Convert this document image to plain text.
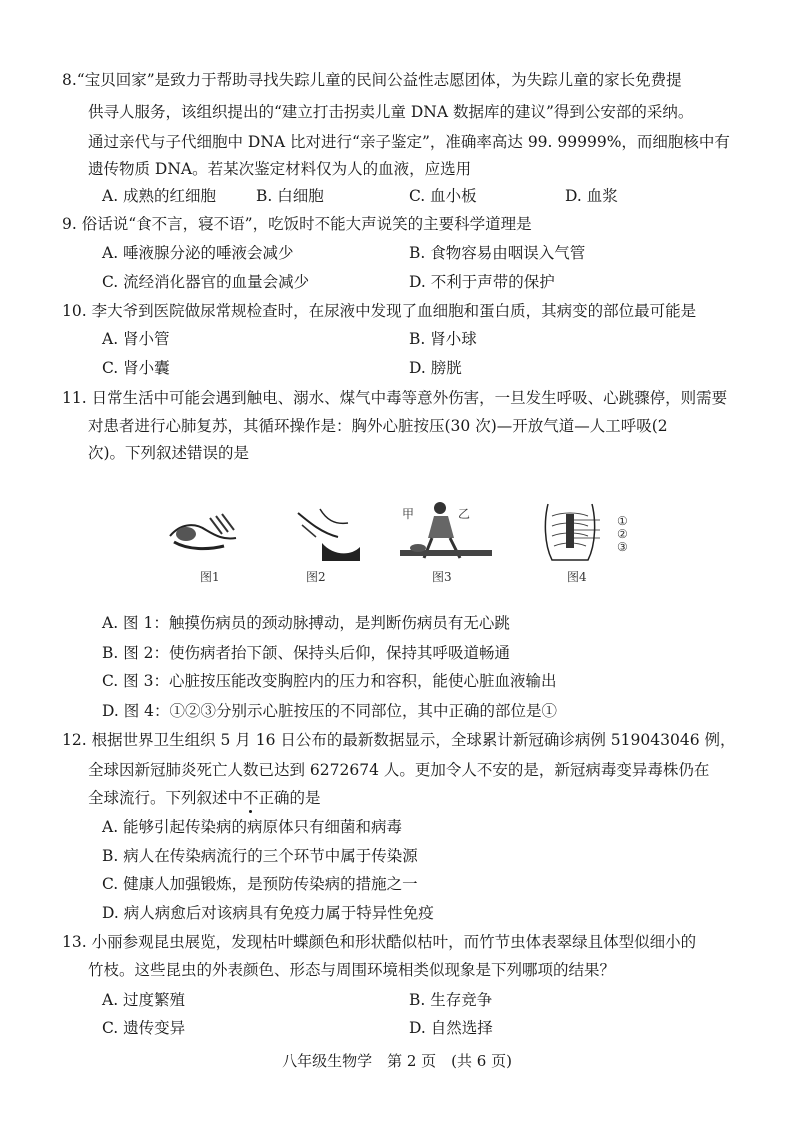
8.“宝贝回家”是致力于帮助寻找失踪儿童的民间公益性志愿团体，为失踪儿童的家长免费提
供寻人服务，该组织提出的“建立打击拐卖儿童 DNA 数据库的建议”得到公安部的采纳。
通过亲代与子代细胞中 DNA 比对进行“亲子鉴定”，准确率高达 99. 99999%，而细胞核中有
遗传物质 DNA。若某次鉴定材料仅为人的血液，应选用
A. 成熟的红细胞	B. 白细胞	C. 血小板	D. 血浆
9. 俗话说“食不言，寝不语”，吃饭时不能大声说笑的主要科学道理是
A. 唾液腺分泌的唾液会减少	B. 食物容易由咽误入气管
C. 流经消化器官的血量会减少	D. 不利于声带的保护
10. 李大爷到医院做尿常规检查时，在尿液中发现了血细胞和蛋白质，其病变的部位最可能是
A. 肾小管	B. 肾小球
C. 肾小囊	D. 膀胱
11. 日常生活中可能会遇到触电、溺水、煤气中毒等意外伤害，一旦发生呼吸、心跳骤停，则需要
对患者进行心肺复苏，其循环操作是：胸外心脏按压(30 次)—开放气道—人工呼吸(2
次)。下列叙述错误的是
甲	乙	①
②
③
图1	图2	图3	图4
A. 图 1：触摸伤病员的颈动脉搏动，是判断伤病员有无心跳
B. 图 2：使伤病者抬下颌、保持头后仰，保持其呼吸道畅通
C. 图 3：心脏按压能改变胸腔内的压力和容积，能使心脏血液输出
D. 图 4：①②③分别示心脏按压的不同部位，其中正确的部位是①
12. 根据世界卫生组织 5 月 16 日公布的最新数据显示，全球累计新冠确诊病例 519043046 例，
全球因新冠肺炎死亡人数已达到 6272674 人。更加令人不安的是，新冠病毒变异毒株仍在
全球流行。下列叙述中不正确的是
A. 能够引起传染病的病原体只有细菌和病毒
B. 病人在传染病流行的三个环节中属于传染源
C. 健康人加强锻炼，是预防传染病的措施之一
D. 病人病愈后对该病具有免疫力属于特异性免疫
13. 小丽参观昆虫展览，发现枯叶蝶颜色和形状酷似枯叶，而竹节虫体表翠绿且体型似细小的
竹枝。这些昆虫的外表颜色、形态与周围环境相类似现象是下列哪项的结果？
A. 过度繁殖	B. 生存竞争
C. 遗传变异	D. 自然选择
八年级生物学　第 2 页　(共 6 页)
